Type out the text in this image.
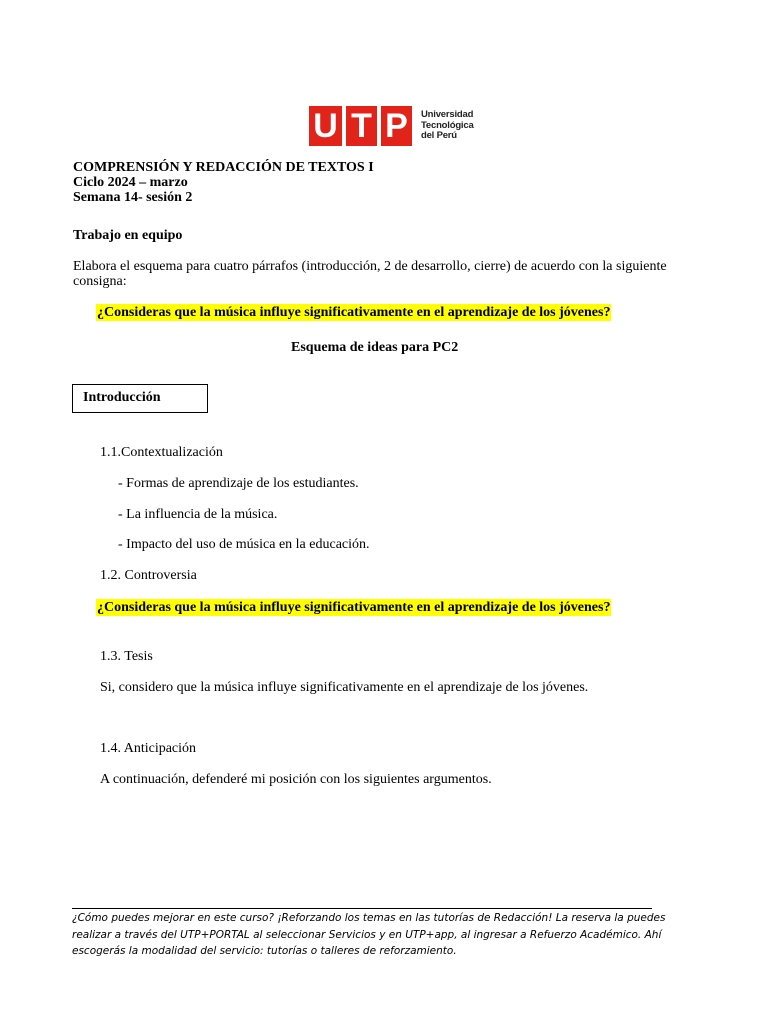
U T P	Universidad
Tecnológica
del Perú
COMPRENSIÓN Y REDACCIÓN DE TEXTOS I
Ciclo 2024 – marzo
Semana 14- sesión 2
Trabajo en equipo
Elabora el esquema para cuatro párrafos (introducción, 2 de desarrollo, cierre) de acuerdo con la siguiente
consigna:
¿Consideras que la música influye significativamente en el aprendizaje de los jóvenes?
Esquema de ideas para PC2
Introducción
1.1.Contextualización
- Formas de aprendizaje de los estudiantes.
- La influencia de la música.
- Impacto del uso de música en la educación.
1.2. Controversia
¿Consideras que la música influye significativamente en el aprendizaje de los jóvenes?
1.3. Tesis
Si, considero que la música influye significativamente en el aprendizaje de los jóvenes.
1.4. Anticipación
A continuación, defenderé mi posición con los siguientes argumentos.
¿Cómo puedes mejorar en este curso? ¡Reforzando los temas en las tutorías de Redacción! La reserva la puedes
realizar a través del UTP+PORTAL al seleccionar Servicios y en UTP+app, al ingresar a Refuerzo Académico. Ahí
escogerás la modalidad del servicio: tutorías o talleres de reforzamiento.
